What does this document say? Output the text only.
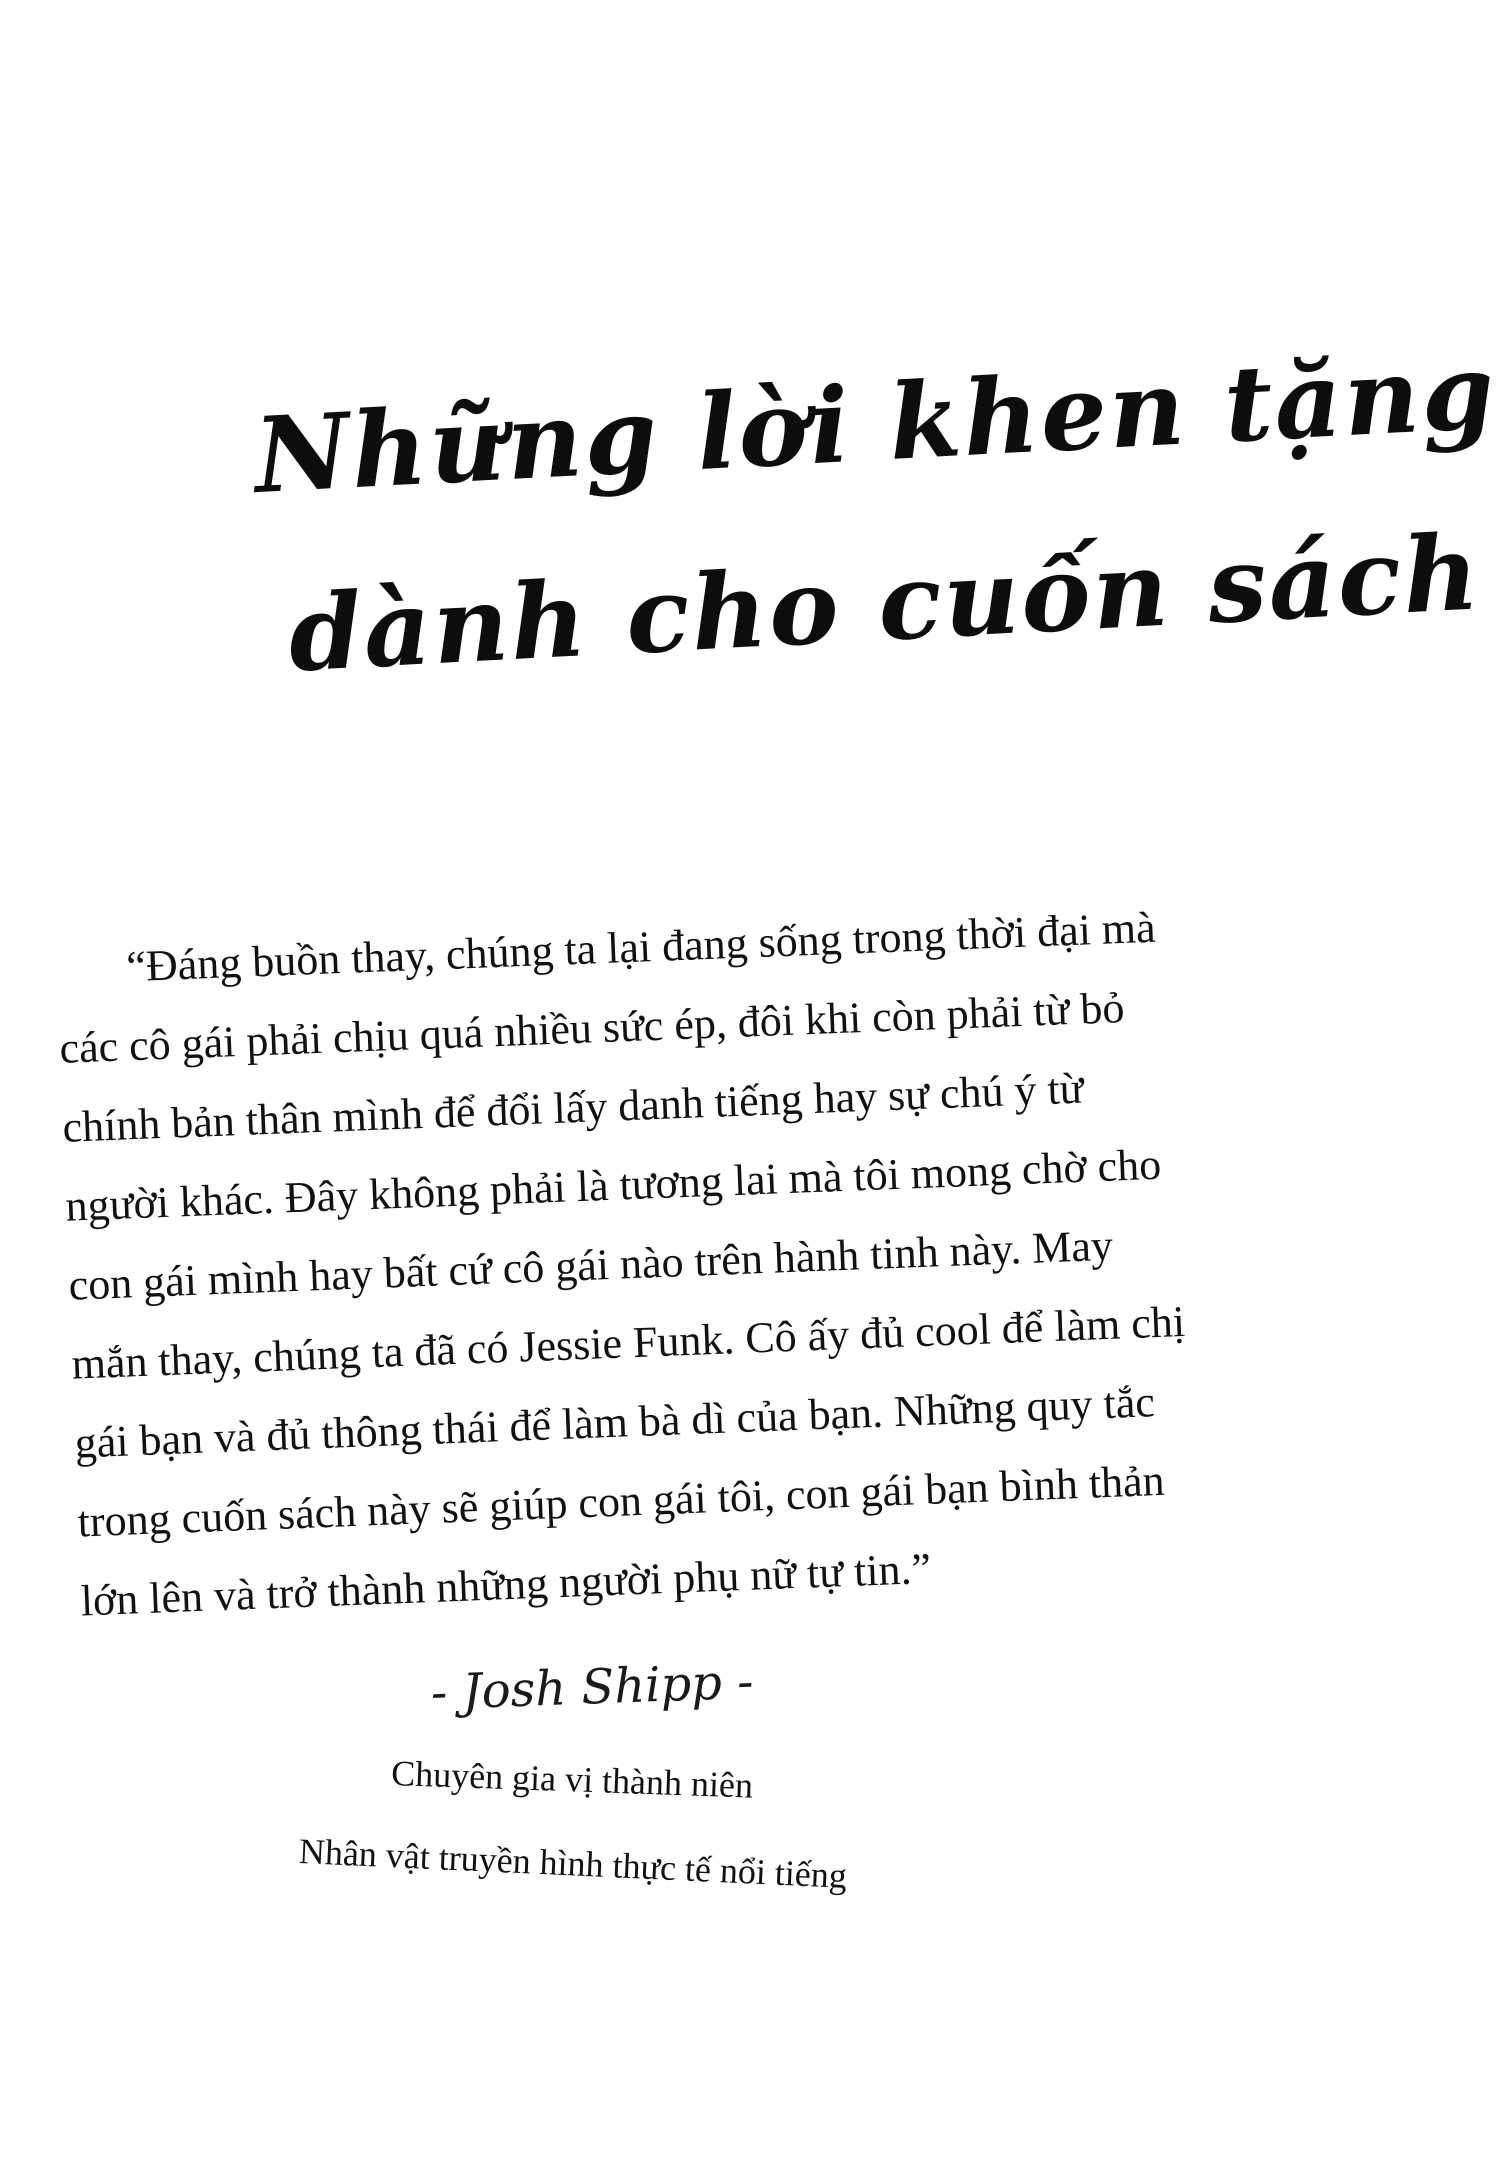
Những lời khen tặng
dành cho cuốn sách
“Đáng buồn thay, chúng ta lại đang sống trong thời đại mà
các cô gái phải chịu quá nhiều sức ép, đôi khi còn phải từ bỏ
chính bản thân mình để đổi lấy danh tiếng hay sự chú ý từ
người khác. Đây không phải là tương lai mà tôi mong chờ cho
con gái mình hay bất cứ cô gái nào trên hành tinh này. May
mắn thay, chúng ta đã có Jessie Funk. Cô ấy đủ cool để làm chị
gái bạn và đủ thông thái để làm bà dì của bạn. Những quy tắc
trong cuốn sách này sẽ giúp con gái tôi, con gái bạn bình thản
lớn lên và trở thành những người phụ nữ tự tin.”
- Josh Shipp -
Chuyên gia vị thành niên
Nhân vật truyền hình thực tế nổi tiếng
